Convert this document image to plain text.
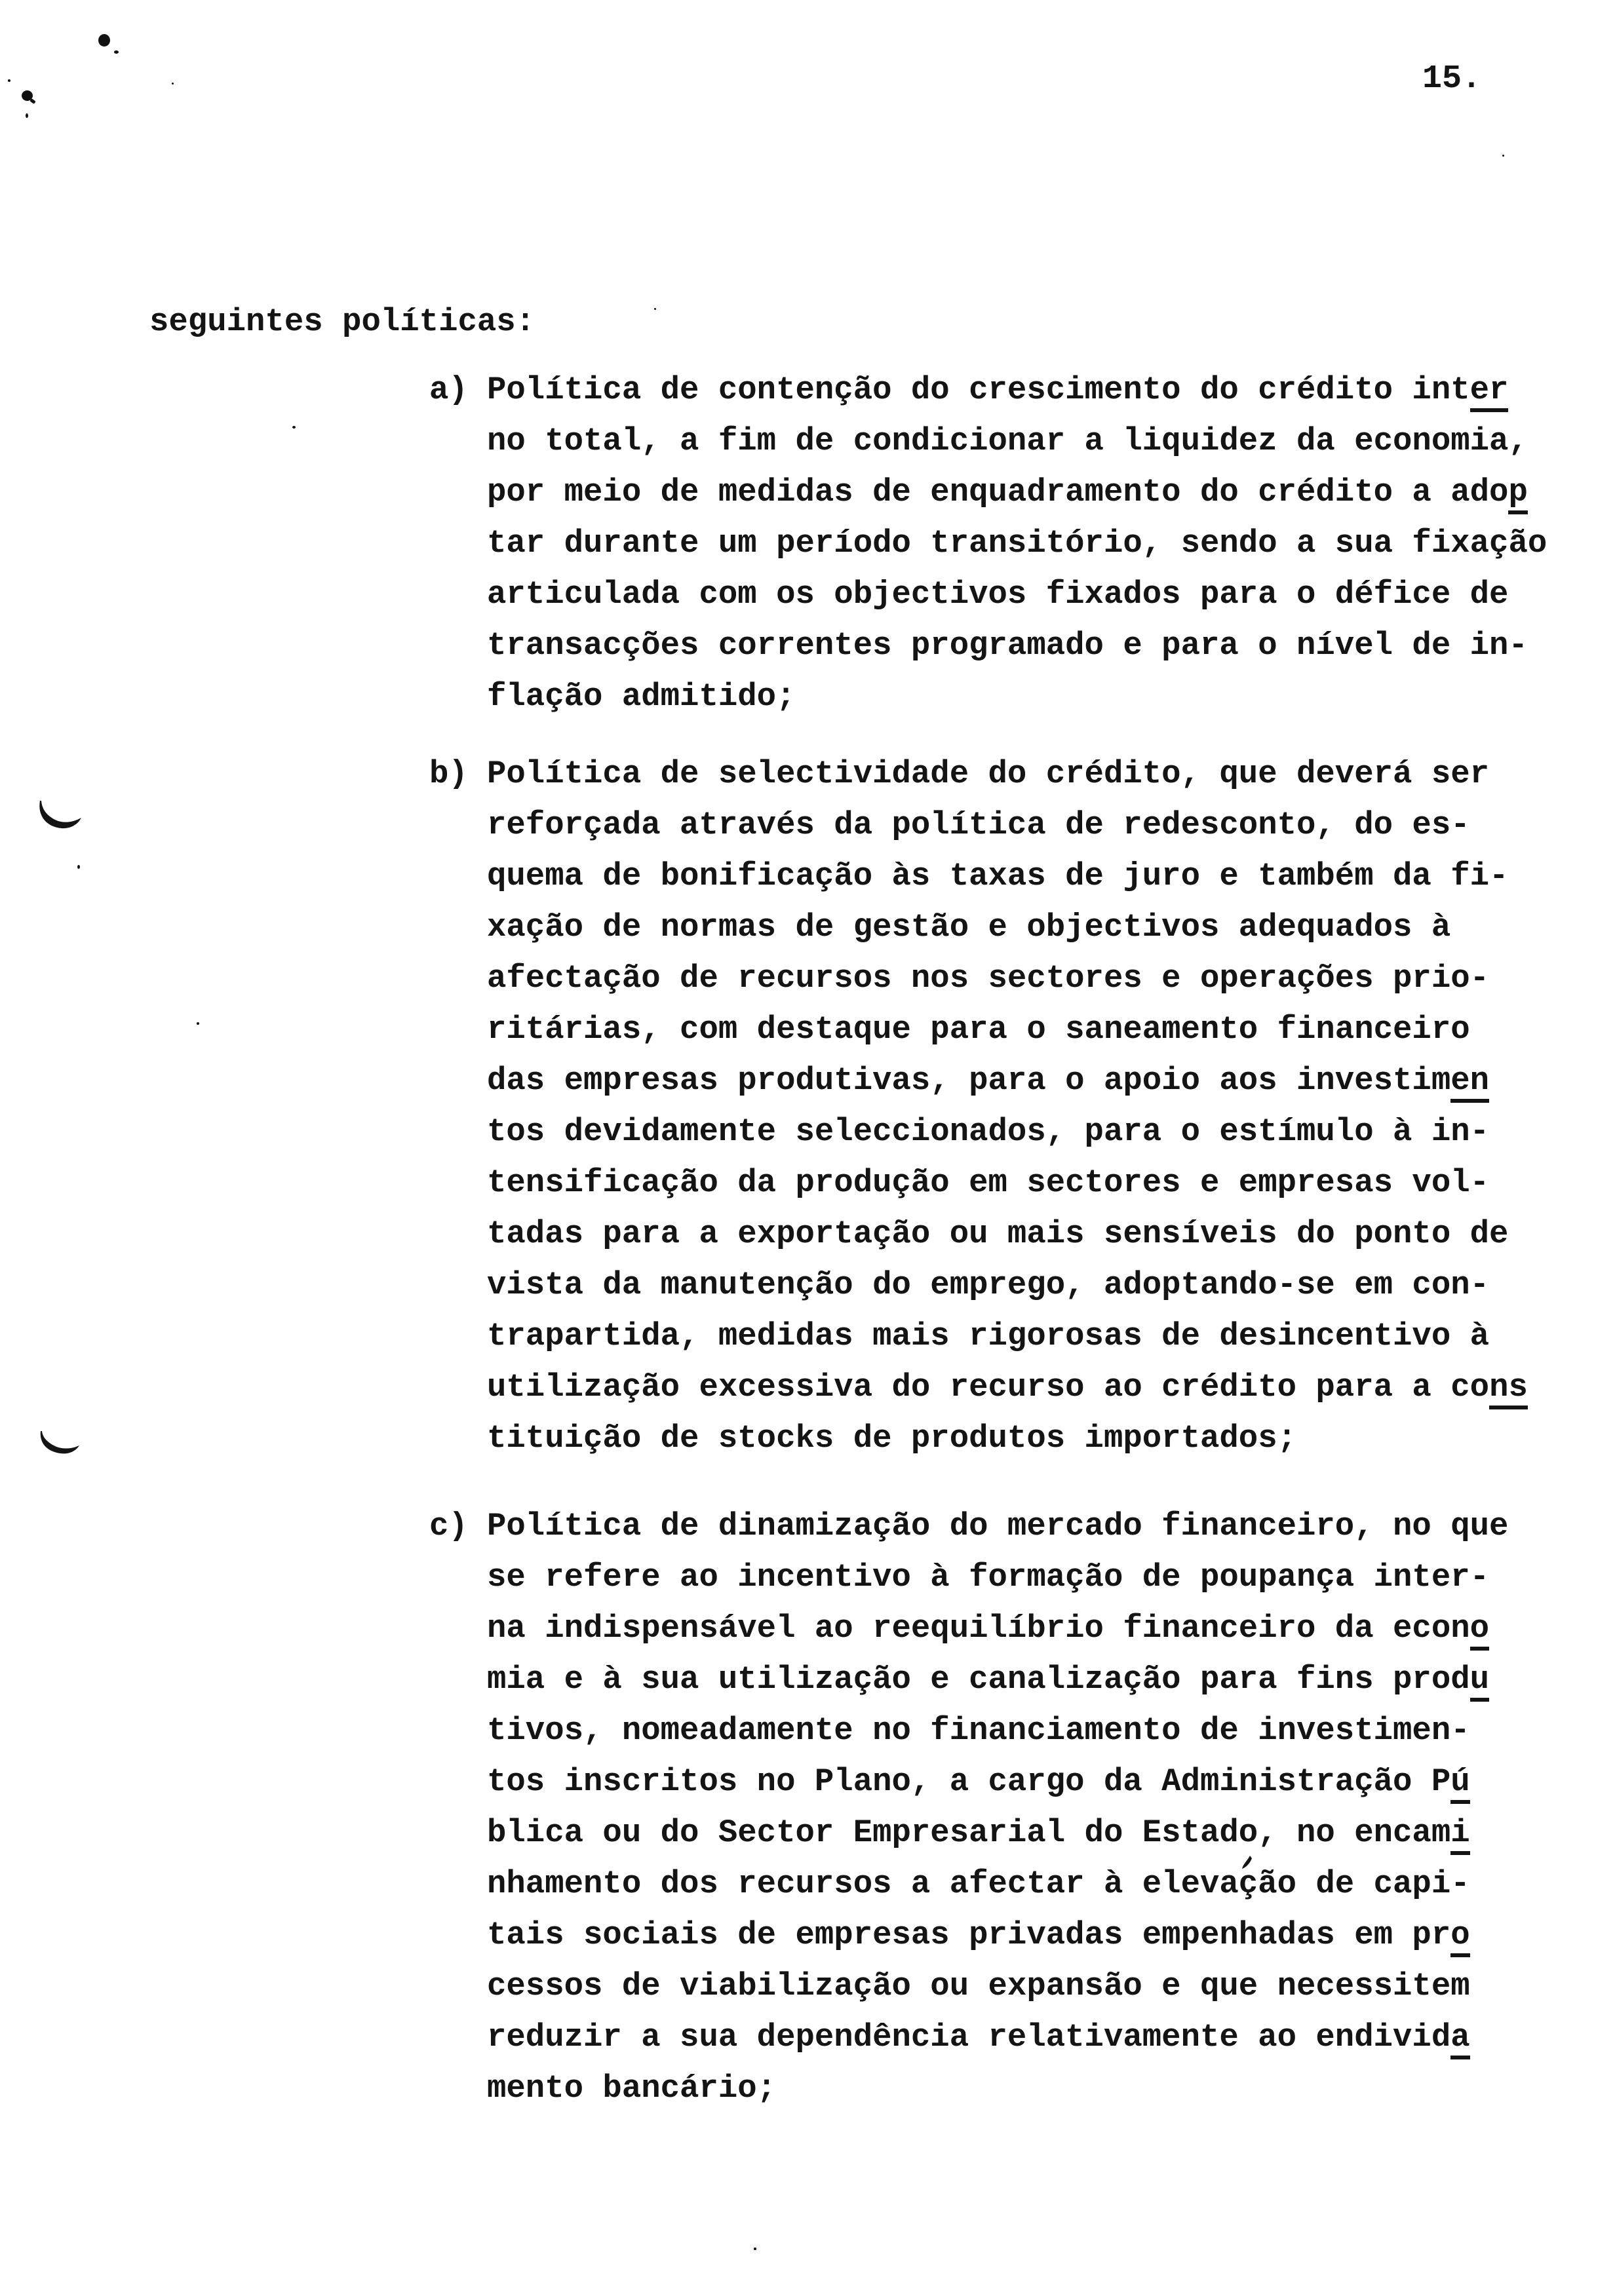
15.

seguintes políticas:

a) Política de contenção do crescimento do crédito inter
no total, a fim de condicionar a liquidez da economia,
por meio de medidas de enquadramento do crédito a adop
tar durante um período transitório, sendo a sua fixação
articulada com os objectivos fixados para o défice de
transacções correntes programado e para o nível de in-
flação admitido;
b) Política de selectividade do crédito, que deverá ser
reforçada através da política de redesconto, do es-
quema de bonificação às taxas de juro e também da fi-
xação de normas de gestão e objectivos adequados à
afectação de recursos nos sectores e operações prio-
ritárias, com destaque para o saneamento financeiro
das empresas produtivas, para o apoio aos investimen
tos devidamente seleccionados, para o estímulo à in-
tensificação da produção em sectores e empresas vol-
tadas para a exportação ou mais sensíveis do ponto de
vista da manutenção do emprego, adoptando-se em con-
trapartida, medidas mais rigorosas de desincentivo à
utilização excessiva do recurso ao crédito para a cons
tituição de stocks de produtos importados;
c) Política de dinamização do mercado financeiro, no que
se refere ao incentivo à formação de poupança inter-
na indispensável ao reequilíbrio financeiro da econo
mia e à sua utilização e canalização para fins produ
tivos, nomeadamente no financiamento de investimen-
tos inscritos no Plano, a cargo da Administração Pú
blica ou do Sector Empresarial do Estado, no encami
nhamento dos recursos a afectar à elevação de capi-
tais sociais de empresas privadas empenhadas em pro
cessos de viabilização ou expansão e que necessitem
reduzir a sua dependência relativamente ao endivida
mento bancário;
